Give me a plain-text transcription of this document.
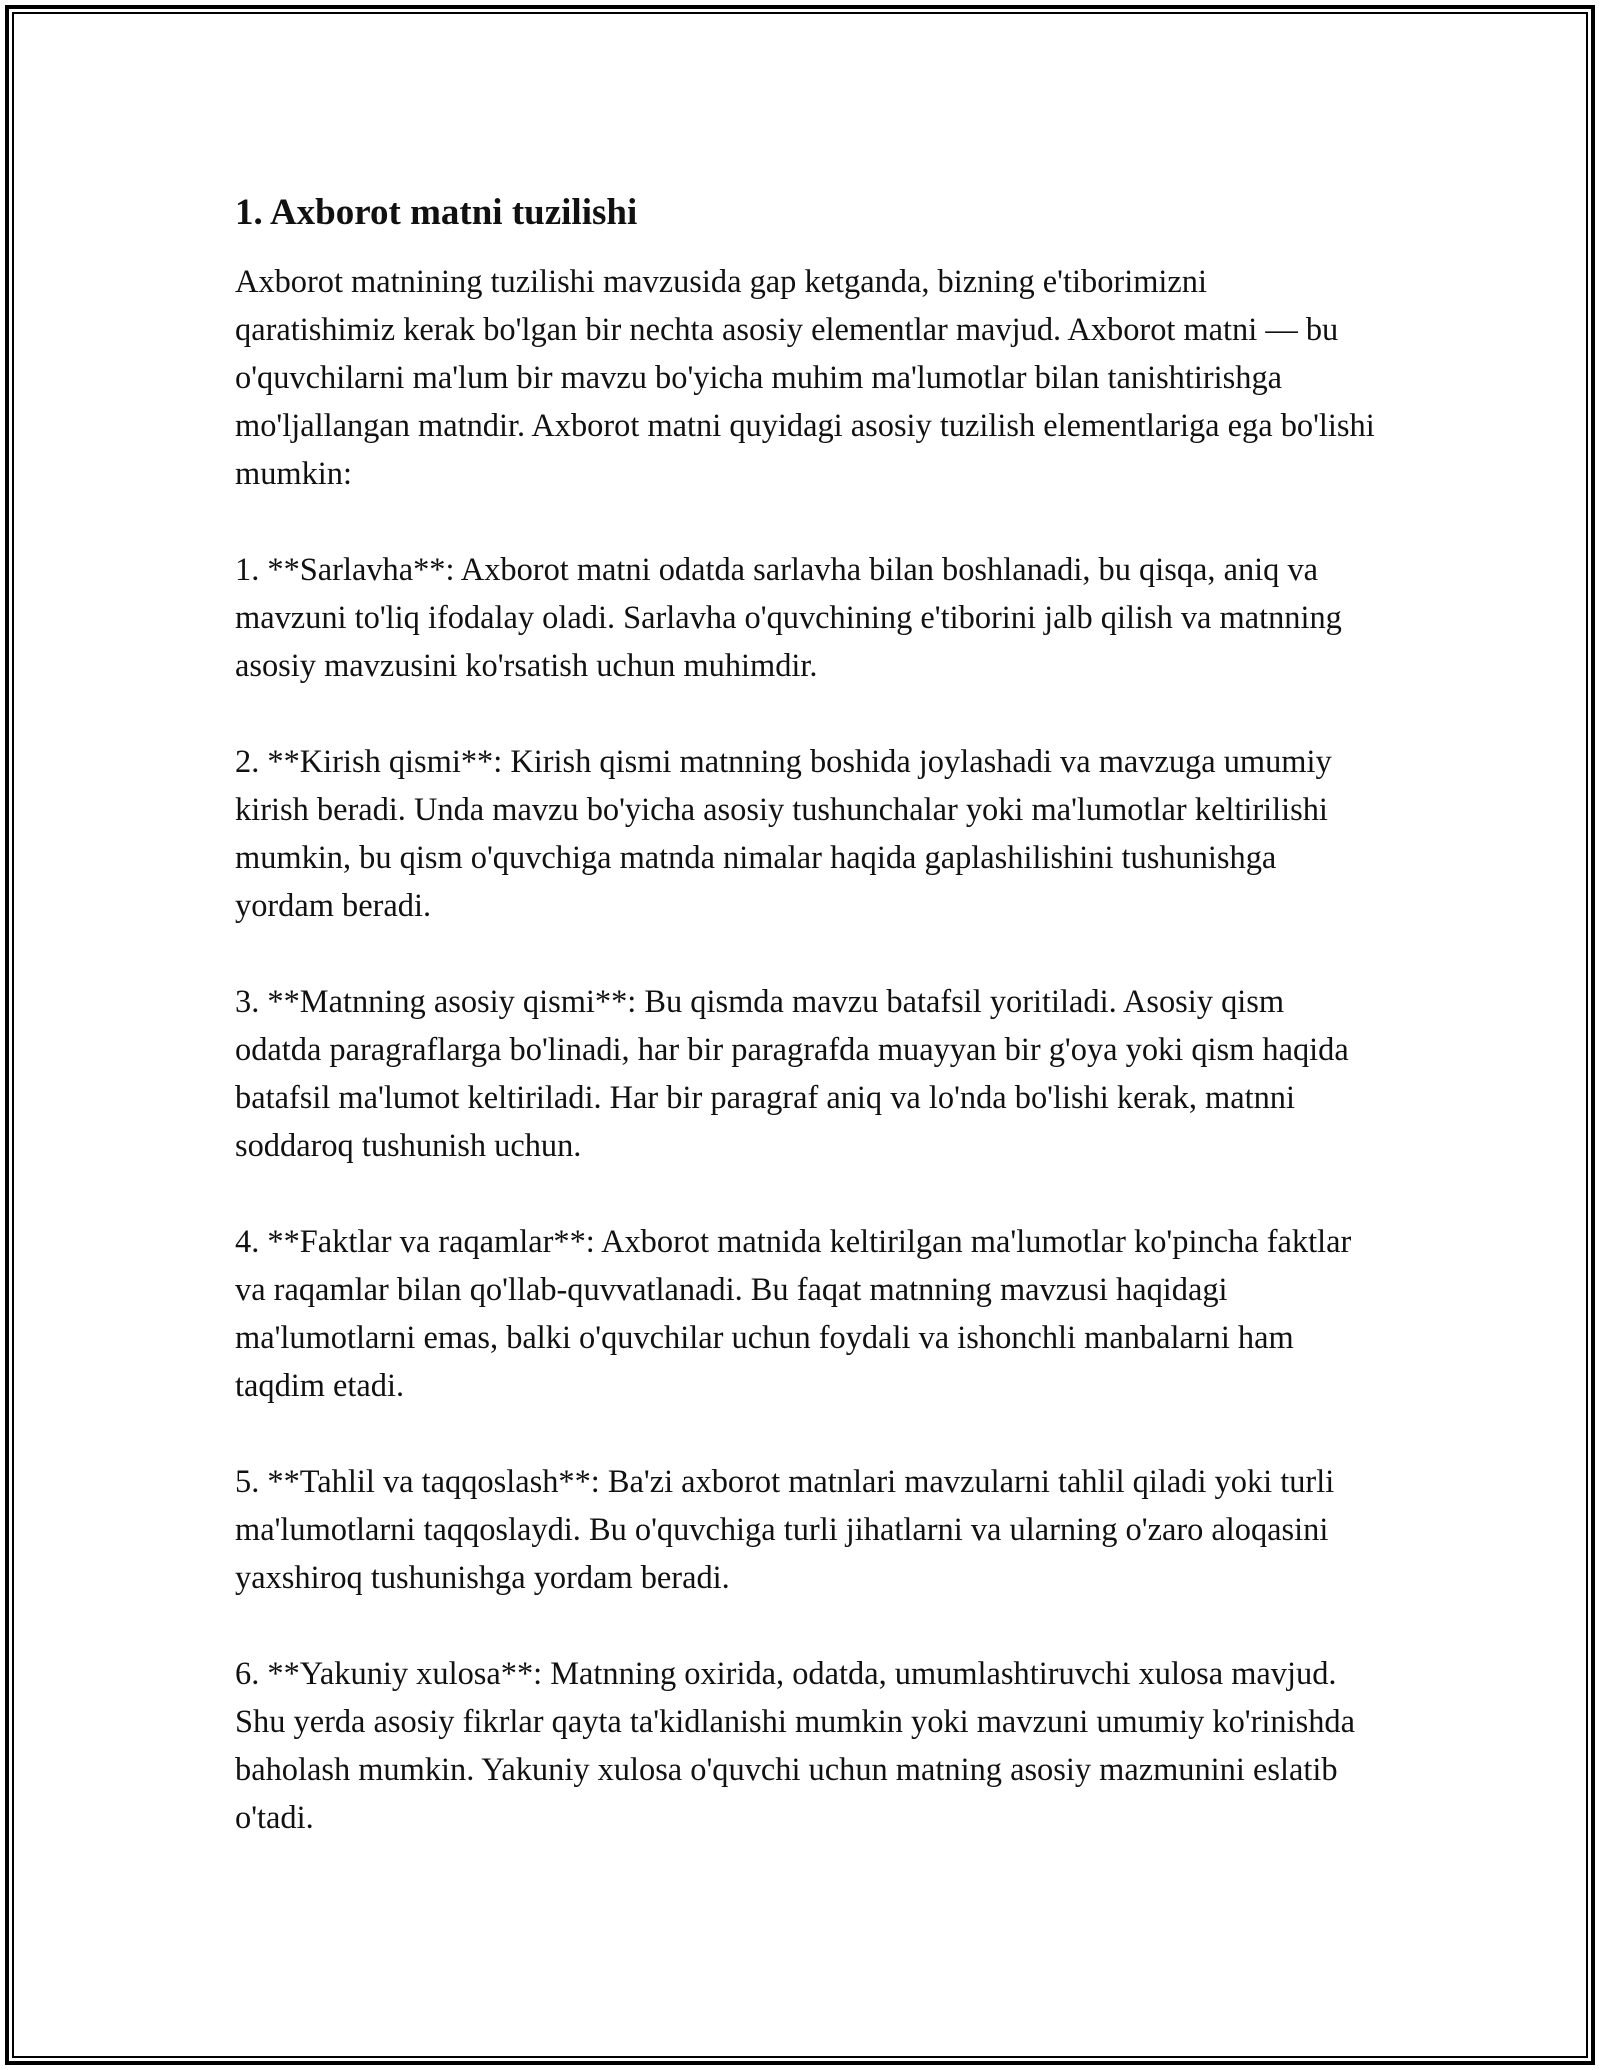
1. Axborot matni tuzilishi

Axborot matnining tuzilishi mavzusida gap ketganda, bizning e'tiborimizni qaratishimiz kerak bo'lgan bir nechta asosiy elementlar mavjud. Axborot matni — bu o'quvchilarni ma'lum bir mavzu bo'yicha muhim ma'lumotlar bilan tanishtirishga mo'ljallangan matndir. Axborot matni quyidagi asosiy tuzilish elementlariga ega bo'lishi mumkin:

1. **Sarlavha**: Axborot matni odatda sarlavha bilan boshlanadi, bu qisqa, aniq va mavzuni to'liq ifodalay oladi. Sarlavha o'quvchining e'tiborini jalb qilish va matnning asosiy mavzusini ko'rsatish uchun muhimdir.

2. **Kirish qismi**: Kirish qismi matnning boshida joylashadi va mavzuga umumiy kirish beradi. Unda mavzu bo'yicha asosiy tushunchalar yoki ma'lumotlar keltirilishi mumkin, bu qism o'quvchiga matnda nimalar haqida gaplashilishini tushunishga yordam beradi.

3. **Matnning asosiy qismi**: Bu qismda mavzu batafsil yoritiladi. Asosiy qism odatda paragraflarga bo'linadi, har bir paragrafda muayyan bir g'oya yoki qism haqida batafsil ma'lumot keltiriladi. Har bir paragraf aniq va lo'nda bo'lishi kerak, matnni soddaroq tushunish uchun.

4. **Faktlar va raqamlar**: Axborot matnida keltirilgan ma'lumotlar ko'pincha faktlar va raqamlar bilan qo'llab-quvvatlanadi. Bu faqat matnning mavzusi haqidagi ma'lumotlarni emas, balki o'quvchilar uchun foydali va ishonchli manbalarni ham taqdim etadi.

5. **Tahlil va taqqoslash**: Ba'zi axborot matnlari mavzularni tahlil qiladi yoki turli ma'lumotlarni taqqoslaydi. Bu o'quvchiga turli jihatlarni va ularning o'zaro aloqasini yaxshiroq tushunishga yordam beradi.

6. **Yakuniy xulosa**: Matnning oxirida, odatda, umumlashtiruvchi xulosa mavjud. Shu yerda asosiy fikrlar qayta ta'kidlanishi mumkin yoki mavzuni umumiy ko'rinishda baholash mumkin. Yakuniy xulosa o'quvchi uchun matning asosiy mazmunini eslatib o'tadi.
